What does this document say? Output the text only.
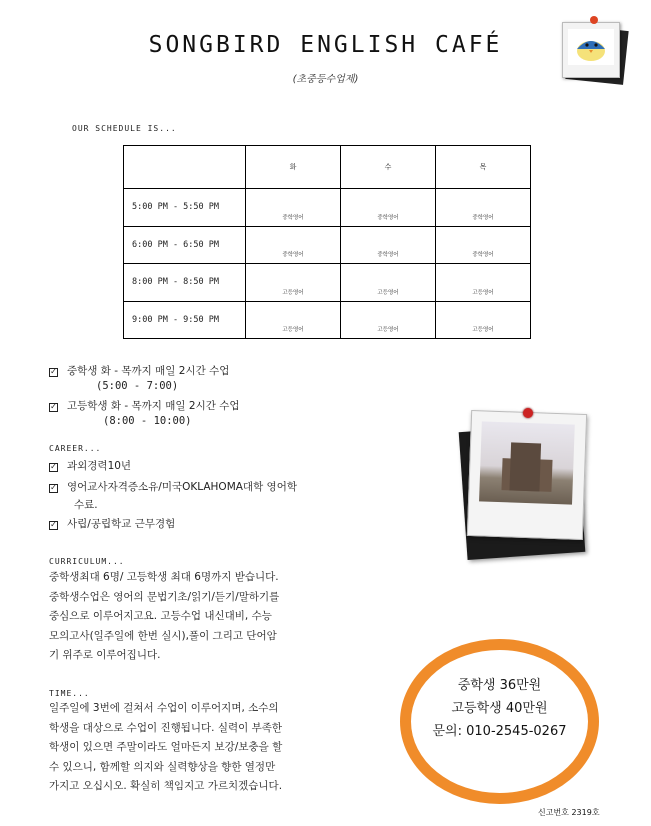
SONGBIRD ENGLISH CAFÉ
(초중등수업제)
OUR SCHEDULE IS...
	화	수	목
5:00 PM - 5:50 PM	중학영어	중학영어	중학영어
6:00 PM - 6:50 PM	중학영어	중학영어	중학영어
8:00 PM - 8:50 PM	고등영어	고등영어	고등영어
9:00 PM - 9:50 PM	고등영어	고등영어	고등영어
✓ 중학생 화 - 목까지 매일 2시간 수업
(5:00 - 7:00)
✓ 고등학생 화 - 목까지 매일 2시간 수업
(8:00 - 10:00)
CAREER...
✓ 과외경력10년
✓ 영어교사자격증소유/미국OKLAHOMA대학 영어학
수료.
✓ 사립/공립학교 근무경험
CURRICULUM...
중학생최대 6명/ 고등학생 최대 6명까지 받습니다.
중학생수업은 영어의 문법기초/읽기/듣기/말하기를
중심으로 이루어지고요. 고등수업 내신대비, 수능
모의고사(일주일에 한번 실시),풀이 그리고 단어암
기 위주로 이루어집니다.
TIME...
일주일에 3번에 걸쳐서 수업이 이루어지며, 소수의
학생을 대상으로 수업이 진행됩니다. 실력이 부족한
학생이 있으면 주말이라도 얼마든지 보강/보충을 할
수 있으니, 함께할 의지와 실력향상을 향한 열정만
가지고 오십시오. 확실히 책임지고 가르치겠습니다.
중학생 36만원
고등학생 40만원
문의: 010-2545-0267
신고번호 2319호
